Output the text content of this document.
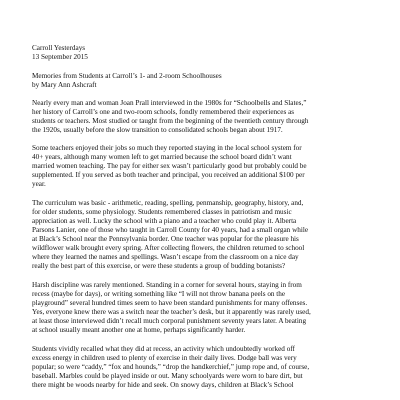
Carroll Yesterdays

13 September 2015

Memories from Students at Carroll’s 1- and 2-room Schoolhouses

by Mary Ann Ashcraft

Nearly every man and woman Joan Prall interviewed in the 1980s for “Schoolbells and Slates,”

her history of Carroll’s one and two-room schools, fondly remembered their experiences as

students or teachers. Most studied or taught from the beginning of the twentieth century through

the 1920s, usually before the slow transition to consolidated schools began about 1917.

Some teachers enjoyed their jobs so much they reported staying in the local school system for

40+ years, although many women left to get married because the school board didn’t want

married women teaching. The pay for either sex wasn’t particularly good but probably could be

supplemented. If you served as both teacher and principal, you received an additional $100 per

year.

The curriculum was basic - arithmetic, reading, spelling, penmanship, geography, history, and,

for older students, some physiology. Students remembered classes in patriotism and music

appreciation as well. Lucky the school with a piano and a teacher who could play it. Alberta

Parsons Lanier, one of those who taught in Carroll County for 40 years, had a small organ while

at Black’s School near the Pennsylvania border. One teacher was popular for the pleasure his

wildflower walk brought every spring. After collecting flowers, the children returned to school

where they learned the names and spellings. Wasn’t escape from the classroom on a nice day

really the best part of this exercise, or were these students a group of budding botanists?

Harsh discipline was rarely mentioned. Standing in a corner for several hours, staying in from

recess (maybe for days), or writing something like “I will not throw banana peels on the

playground” several hundred times seem to have been standard punishments for many offenses.

Yes, everyone knew there was a switch near the teacher’s desk, but it apparently was rarely used,

at least those interviewed didn’t recall much corporal punishment seventy years later. A beating

at school usually meant another one at home, perhaps significantly harder.

Students vividly recalled what they did at recess, an activity which undoubtedly worked off

excess energy in children used to plenty of exercise in their daily lives. Dodge ball was very

popular; so were “caddy,” “fox and hounds,” “drop the handkerchief,” jump rope and, of course,

baseball. Marbles could be played inside or out. Many schoolyards were worn to bare dirt, but

there might be woods nearby for hide and seek. On snowy days, children at Black’s School
